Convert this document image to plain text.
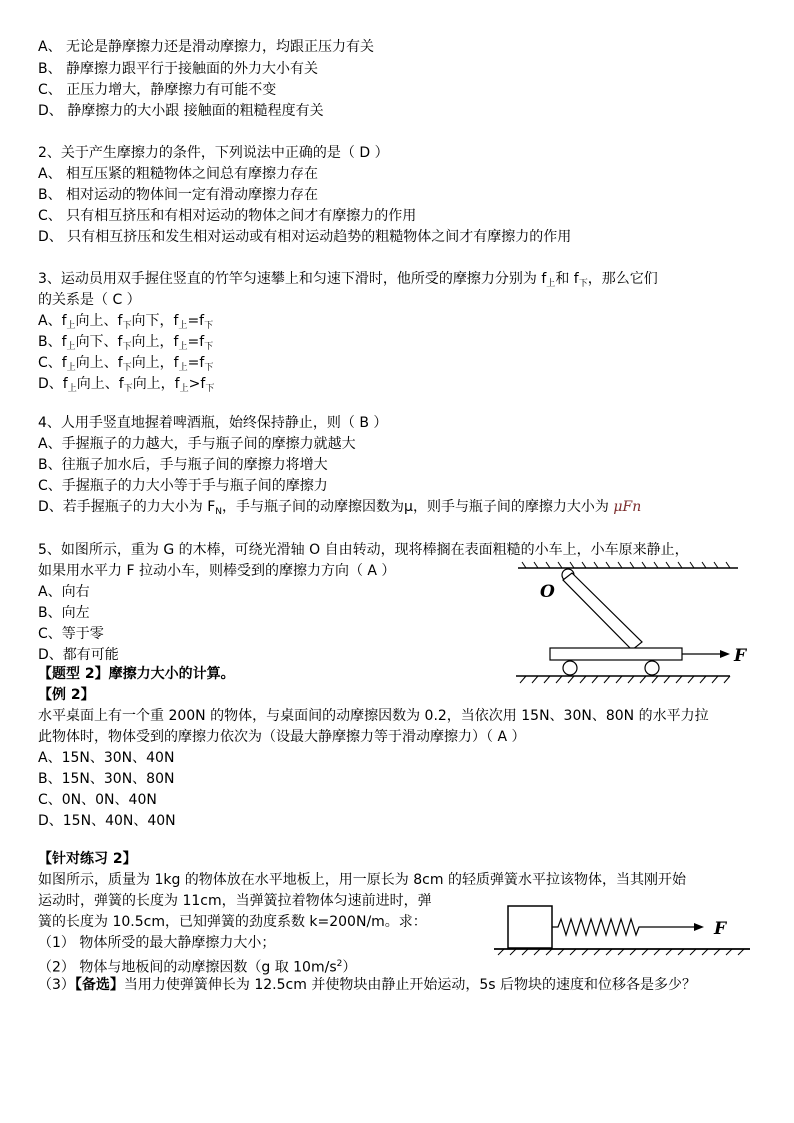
A、 无论是静摩擦力还是滑动摩擦力，均跟正压力有关
B、 静摩擦力跟平行于接触面的外力大小有关
C、 正压力增大，静摩擦力有可能不变
D、 静摩擦力的大小跟 接触面的粗糙程度有关
2、关于产生摩擦力的条件，下列说法中正确的是（ D ）
A、 相互压紧的粗糙物体之间总有摩擦力存在
B、 相对运动的物体间一定有滑动摩擦力存在
C、 只有相互挤压和有相对运动的物体之间才有摩擦力的作用
D、 只有相互挤压和发生相对运动或有相对运动趋势的粗糙物体之间才有摩擦力的作用
3、运动员用双手握住竖直的竹竿匀速攀上和匀速下滑时，他所受的摩擦力分别为 $f_上$和 $f_下$，那么它们
的关系是（ C ）
A、$f_上$向上、$f_下$向下，$f_上=f_下$
B、$f_上$向下、$f_下$向上，$f_上=f_下$
C、$f_上$向上、$f_下$向上，$f_上=f_下$
D、$f_上$向上、$f_下$向上，$f_上>f_下$
4、人用手竖直地握着啤酒瓶，始终保持静止，则（ B ）
A、手握瓶子的力越大，手与瓶子间的摩擦力就越大
B、往瓶子加水后，手与瓶子间的摩擦力将增大
C、手握瓶子的力大小等于手与瓶子间的摩擦力
D、若手握瓶子的力大小为 $F_N$，手与瓶子间的动摩擦因数为μ，则手与瓶子间的摩擦力大小为 μFn
5、如图所示，重为 G 的木棒，可绕光滑轴 O 自由转动，现将棒搁在表面粗糙的小车上，小车原来静止，
如果用水平力 F 拉动小车，则棒受到的摩擦力方向（ A ）
A、向右
B、向左
C、等于零
D、都有可能
O
F
【题型 2】摩擦力大小的计算。
【例 2】
水平桌面上有一个重 200N 的物体，与桌面间的动摩擦因数为 0.2，当依次用 15N、30N、80N 的水平力拉
此物体时，物体受到的摩擦力依次为（设最大静摩擦力等于滑动摩擦力）（ A ）
A、15N、30N、40N
B、15N、30N、80N
C、0N、0N、40N
D、15N、40N、40N
【针对练习 2】
如图所示，质量为 1kg 的物体放在水平地板上，用一原长为 8cm 的轻质弹簧水平拉该物体，当其刚开始
运动时，弹簧的长度为 11cm，当弹簧拉着物体匀速前进时，弹
簧的长度为 10.5cm，已知弹簧的劲度系数 k=200N/m。求：
（1） 物体所受的最大静摩擦力大小；
（2） 物体与地板间的动摩擦因数（g 取 $10m/s^2$）
（3）【备选】当用力使弹簧伸长为 12.5cm 并使物块由静止开始运动，5s 后物块的速度和位移各是多少？
F
